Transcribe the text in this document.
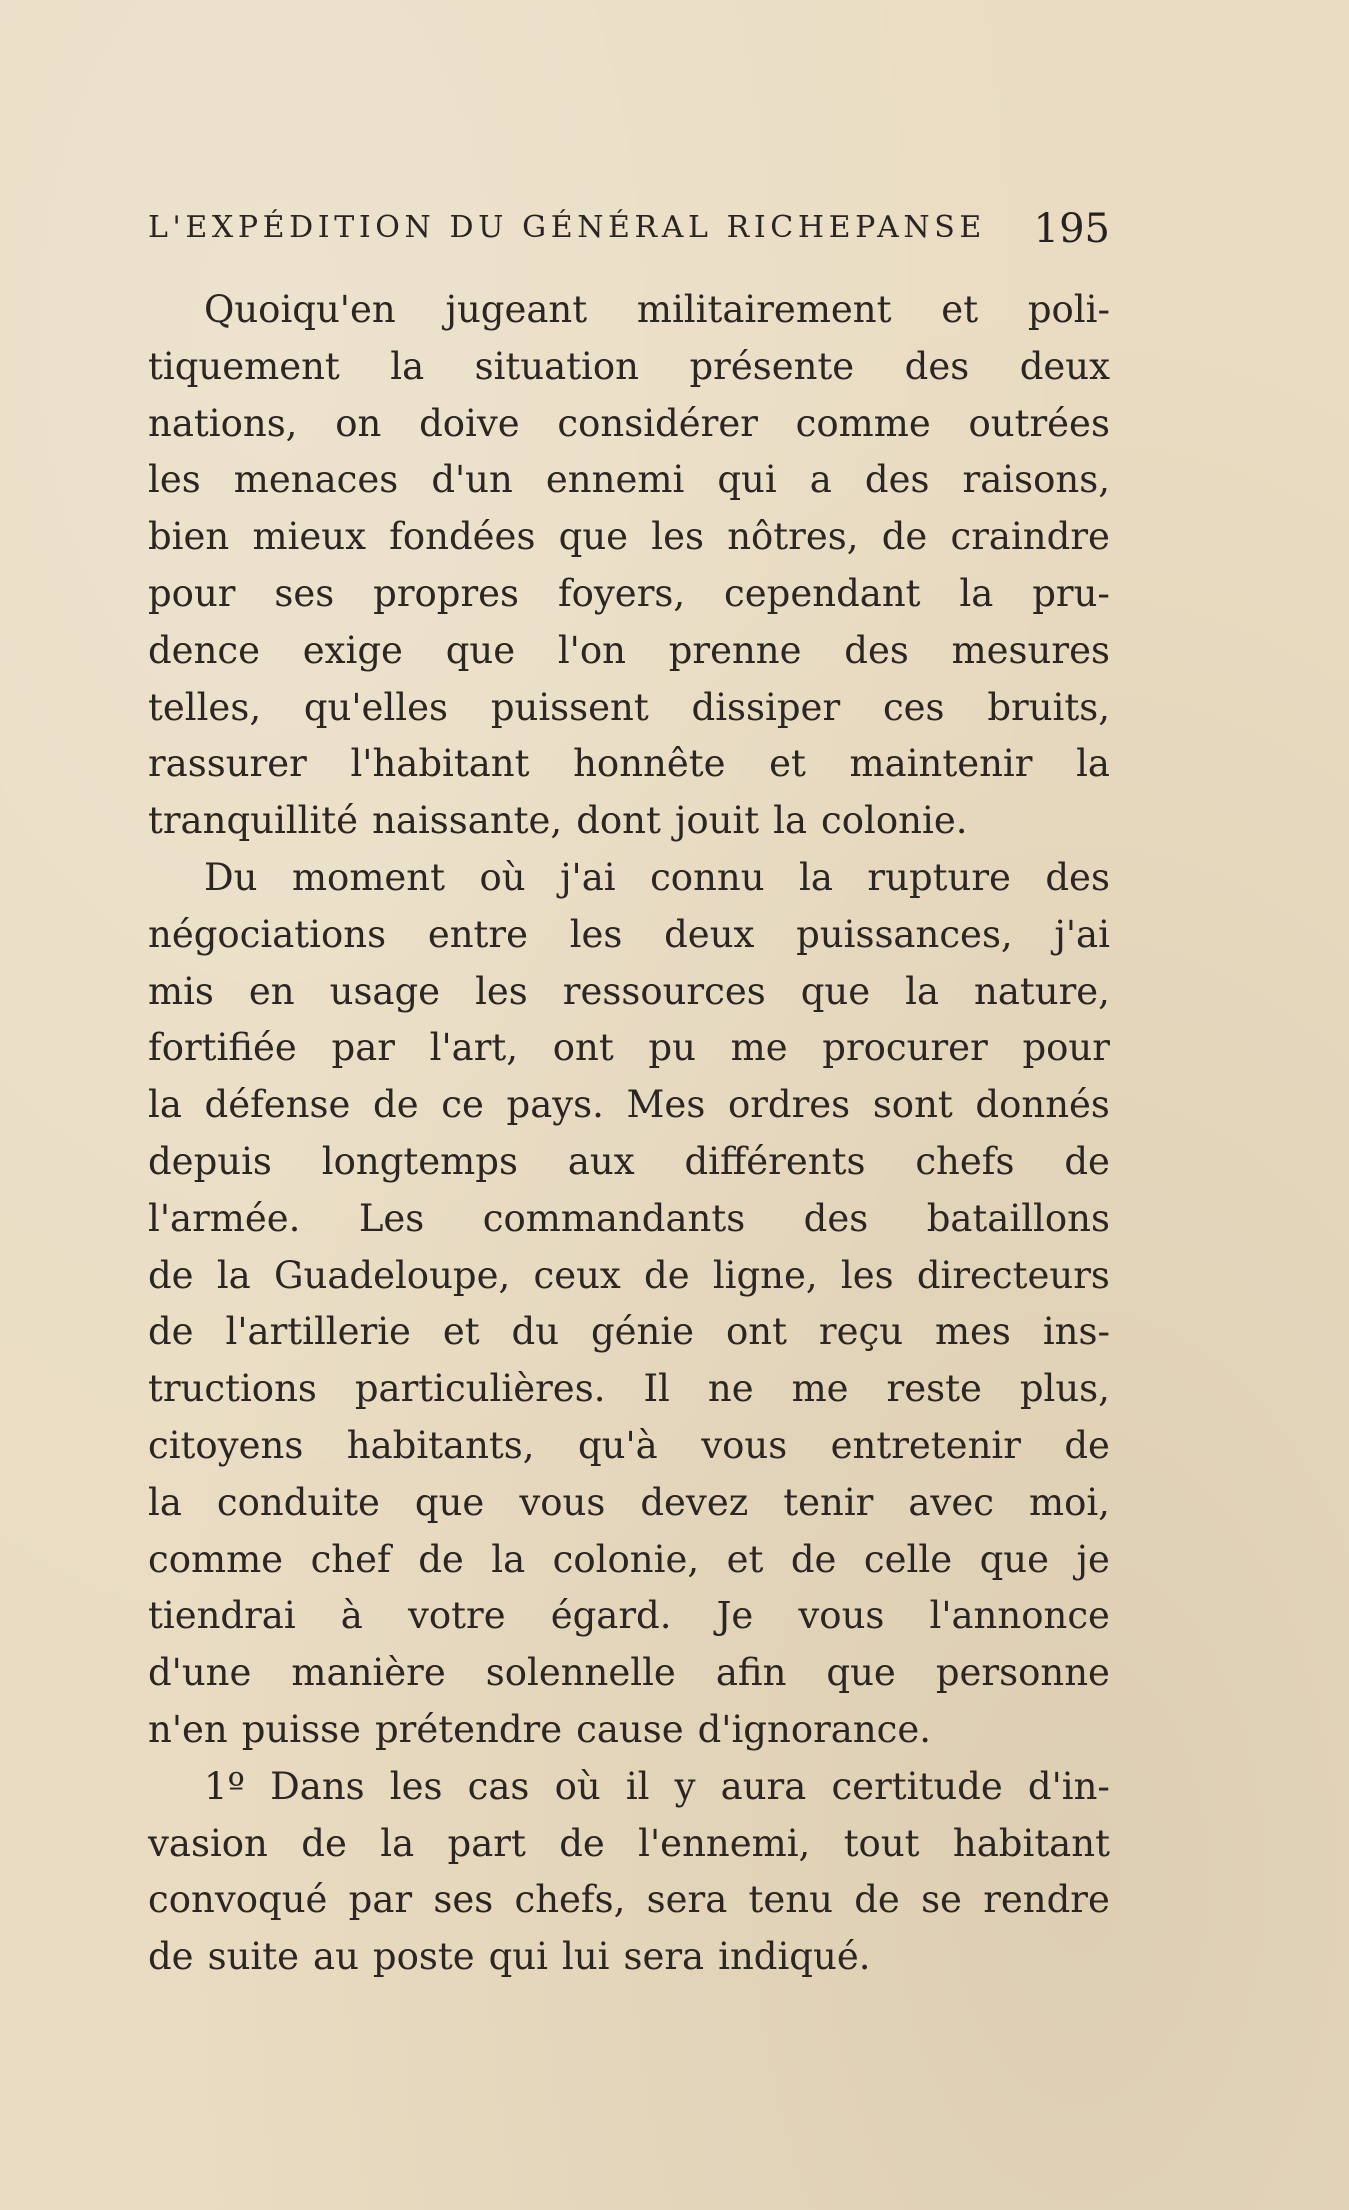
L'EXPÉDITION DU GÉNÉRAL RICHEPANSE 195
Quoiqu'en jugeant militairement et poli-
tiquement la situation présente des deux
nations, on doive considérer comme outrées
les menaces d'un ennemi qui a des raisons,
bien mieux fondées que les nôtres, de craindre
pour ses propres foyers, cependant la pru-
dence exige que l'on prenne des mesures
telles, qu'elles puissent dissiper ces bruits,
rassurer l'habitant honnête et maintenir la
tranquillité naissante, dont jouit la colonie.
Du moment où j'ai connu la rupture des
négociations entre les deux puissances, j'ai
mis en usage les ressources que la nature,
fortifiée par l'art, ont pu me procurer pour
la défense de ce pays. Mes ordres sont donnés
depuis longtemps aux différents chefs de
l'armée. Les commandants des bataillons
de la Guadeloupe, ceux de ligne, les directeurs
de l'artillerie et du génie ont reçu mes ins-
tructions particulières. Il ne me reste plus,
citoyens habitants, qu'à vous entretenir de
la conduite que vous devez tenir avec moi,
comme chef de la colonie, et de celle que je
tiendrai à votre égard. Je vous l'annonce
d'une manière solennelle afin que personne
n'en puisse prétendre cause d'ignorance.
1º Dans les cas où il y aura certitude d'in-
vasion de la part de l'ennemi, tout habitant
convoqué par ses chefs, sera tenu de se rendre
de suite au poste qui lui sera indiqué.
